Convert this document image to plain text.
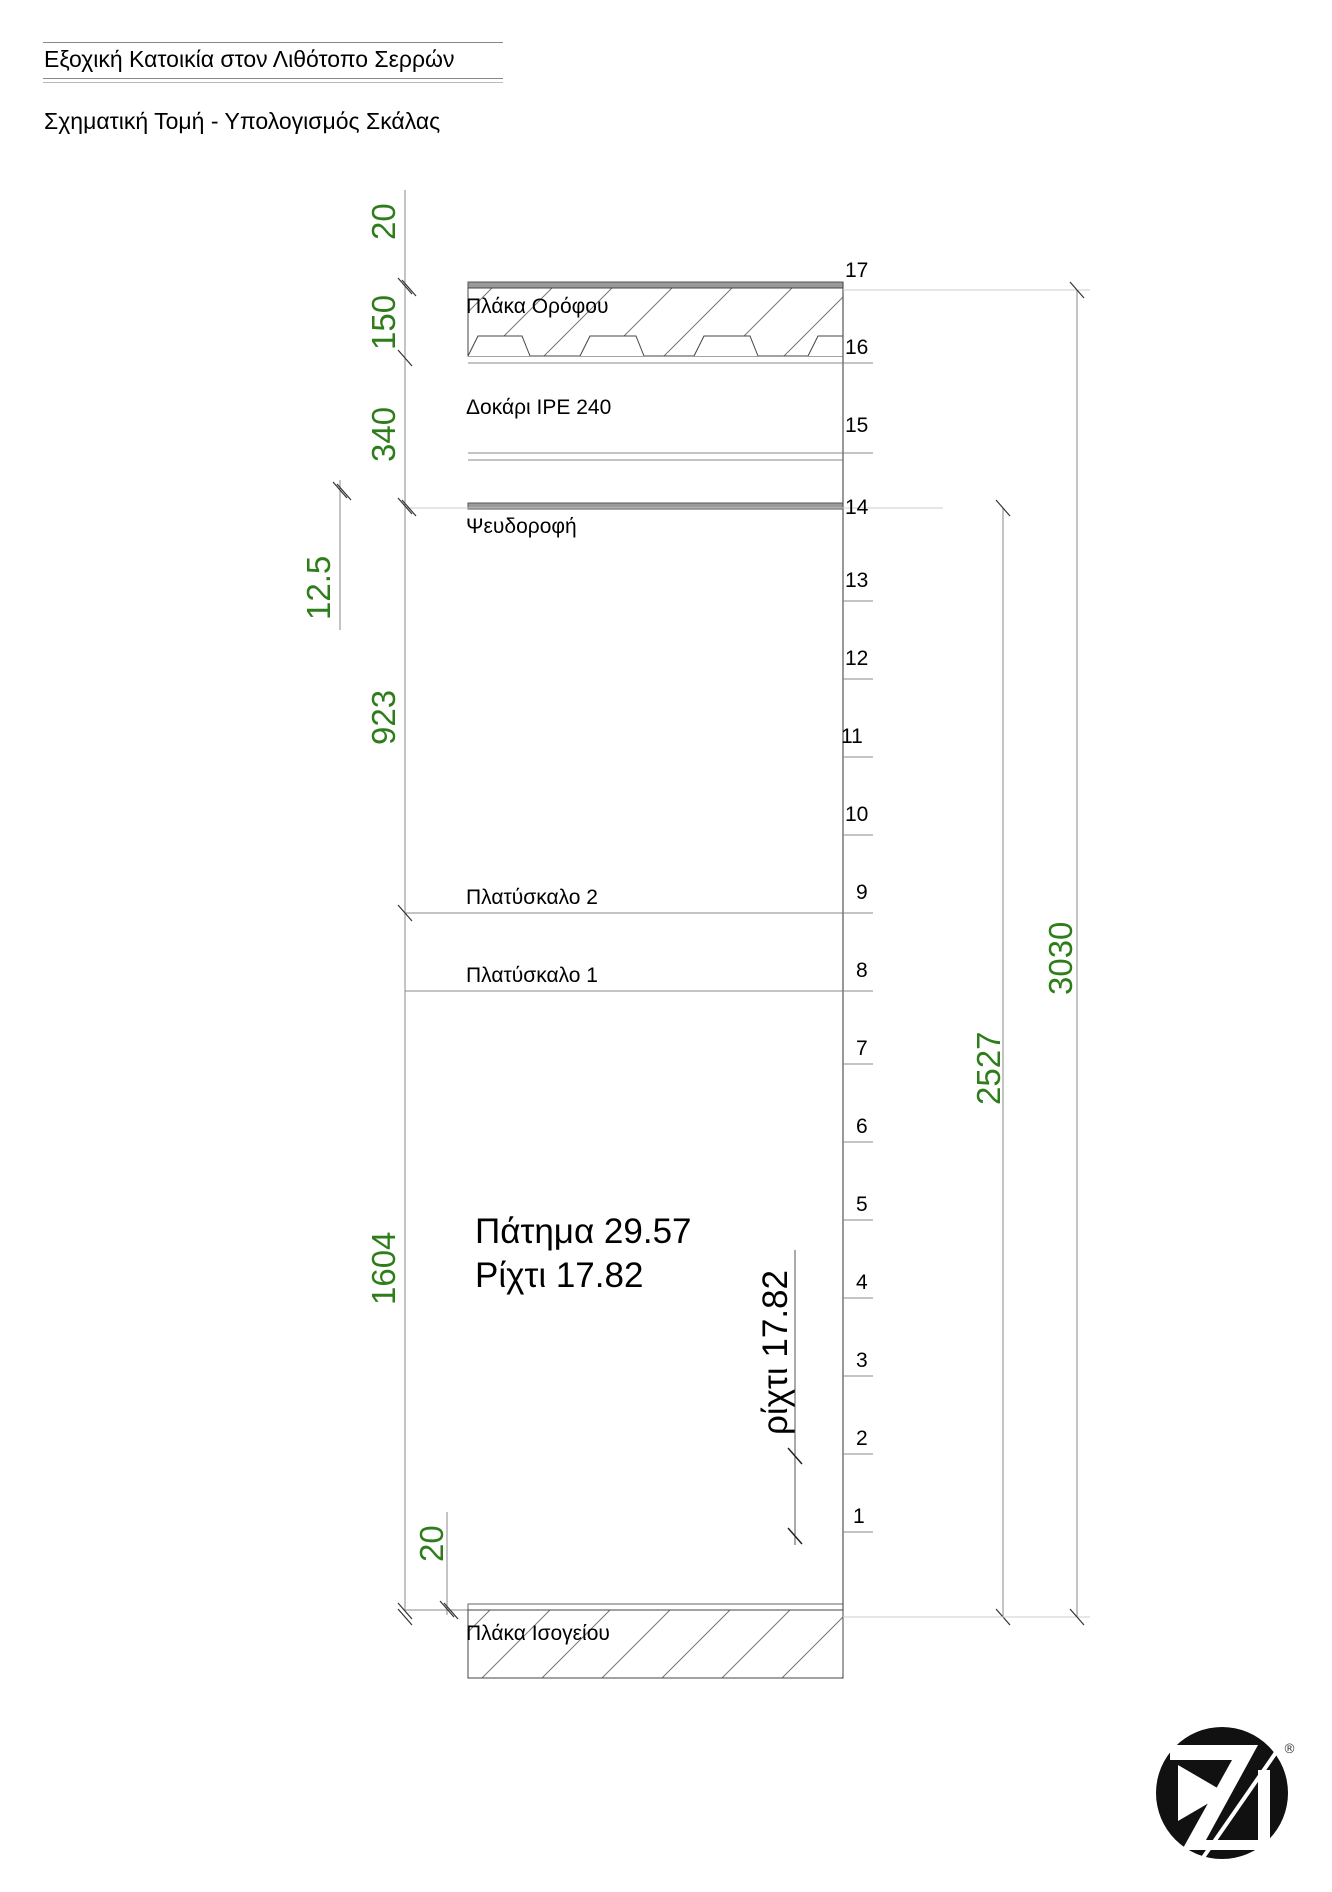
Εξοχική Κατοικία στον Λιθότοπο Σερρών
Σχηματική Τομή - Υπολογισμός Σκάλας
20
150
340
12.5
923
1604
20
2527
3030
ρίχτι 17.82
Πλάκα Ορόφου
Δοκάρι IPE 240
Ψευδοροφή
Πλατύσκαλο 2
Πλατύσκαλο 1
Πλάκα Ισογείου
Πάτημα 29.57
Ρίχτι 17.82
1
2
3
4
5
6
7
8
9
10
11
12
13
14
15
16
17
®
